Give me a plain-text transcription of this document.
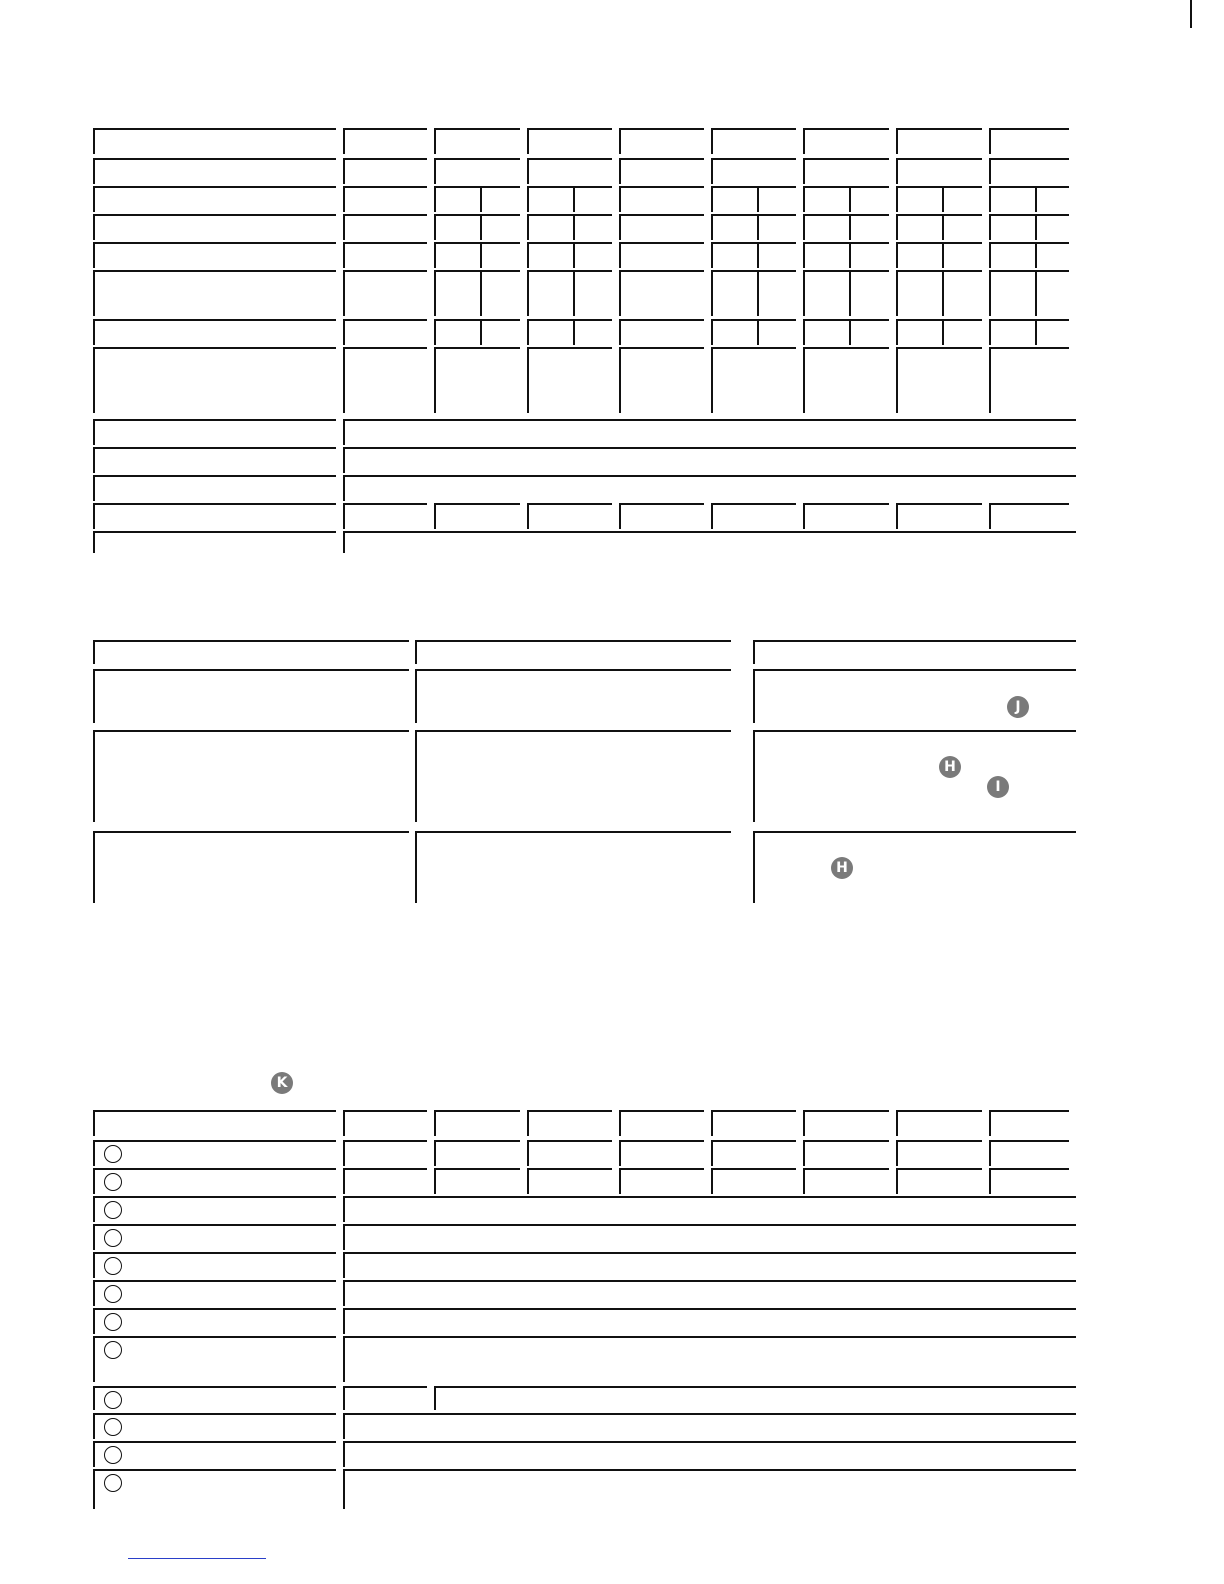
J
H
I
H
K
